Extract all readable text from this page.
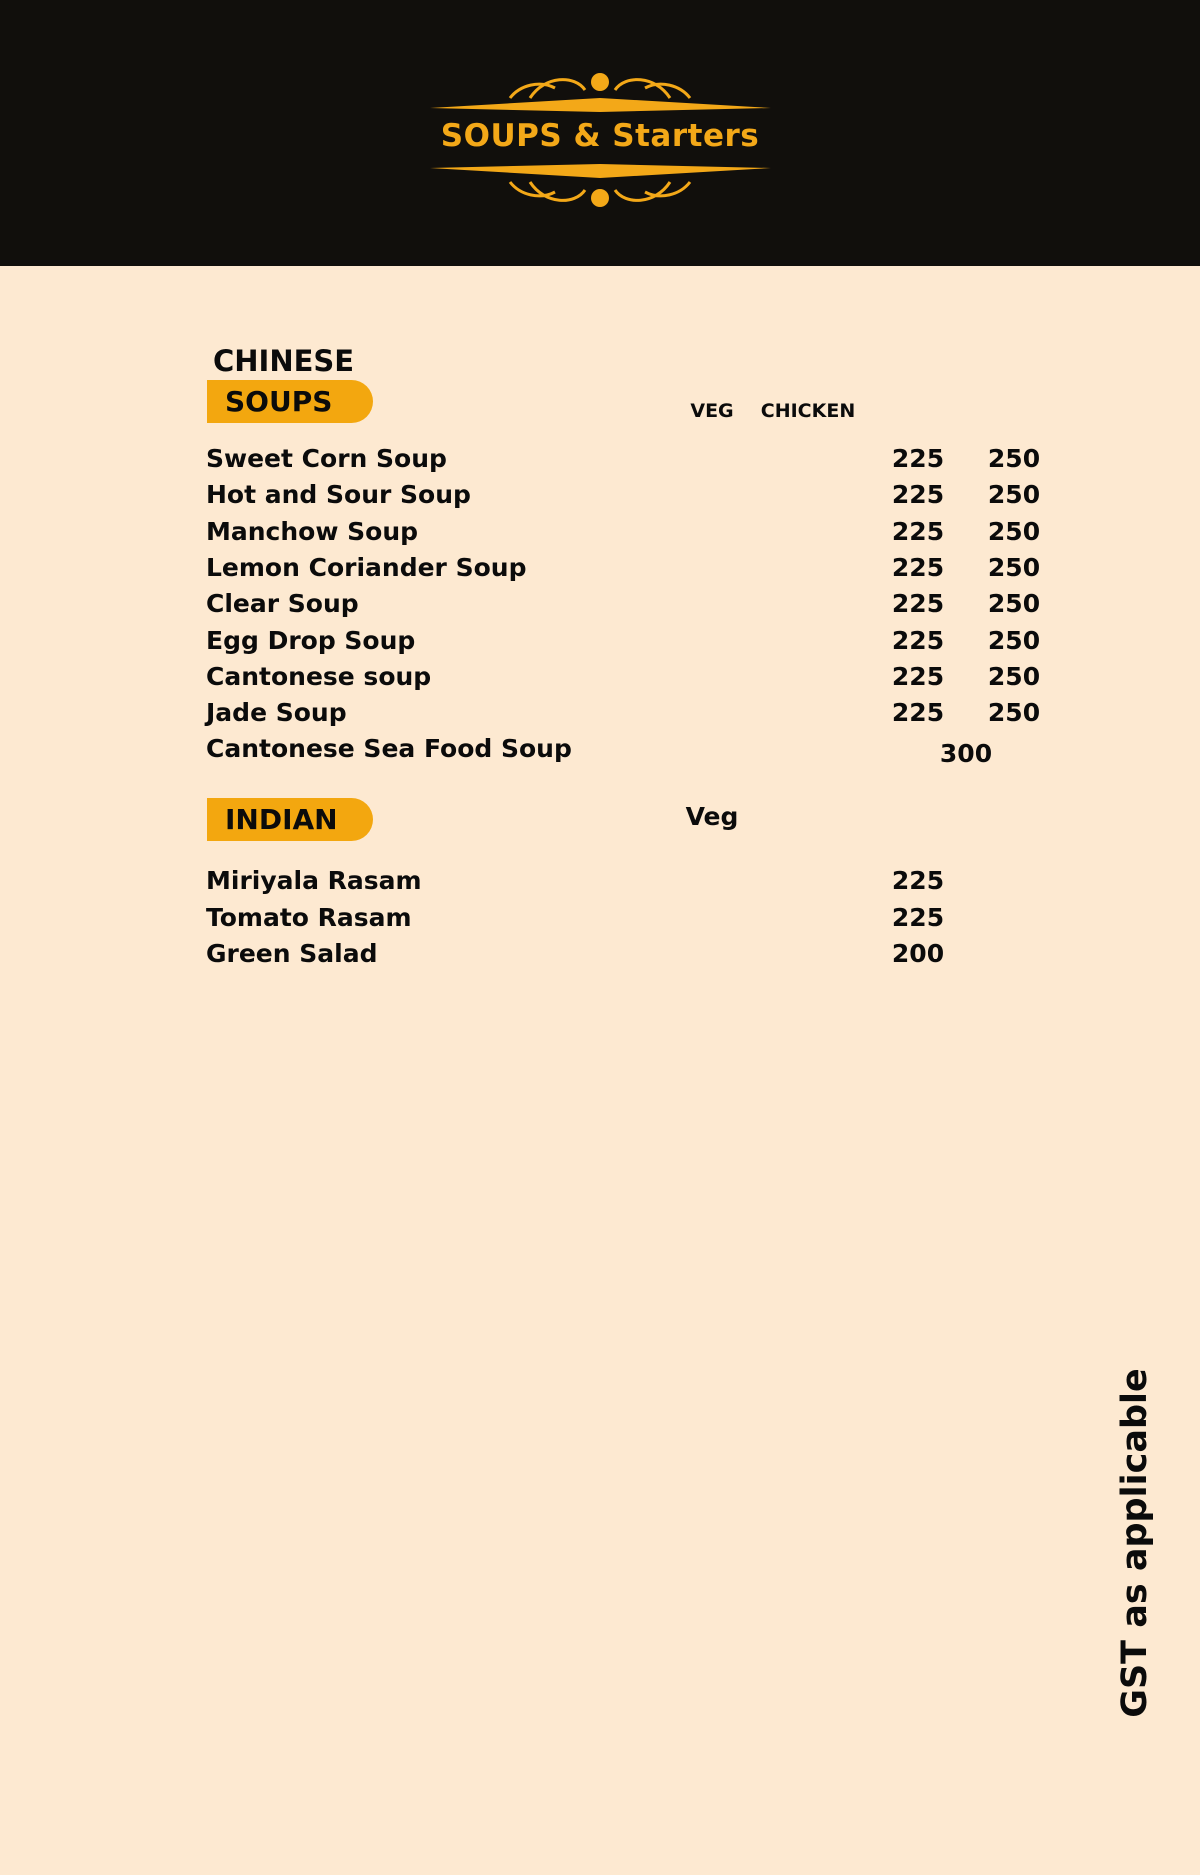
SOUPS & Starters
CHINESE
SOUPS	VEG	CHICKEN
Sweet Corn Soup	225	250
Hot and Sour Soup	225	250
Manchow Soup	225	250
Lemon Coriander Soup	225	250
Clear Soup	225	250
Egg Drop Soup	225	250
Cantonese soup	225	250
Jade Soup	225	250
Cantonese Sea Food Soup	300
INDIAN	Veg
Miriyala Rasam	225
Tomato Rasam	225
Green Salad	200
GST as applicable
